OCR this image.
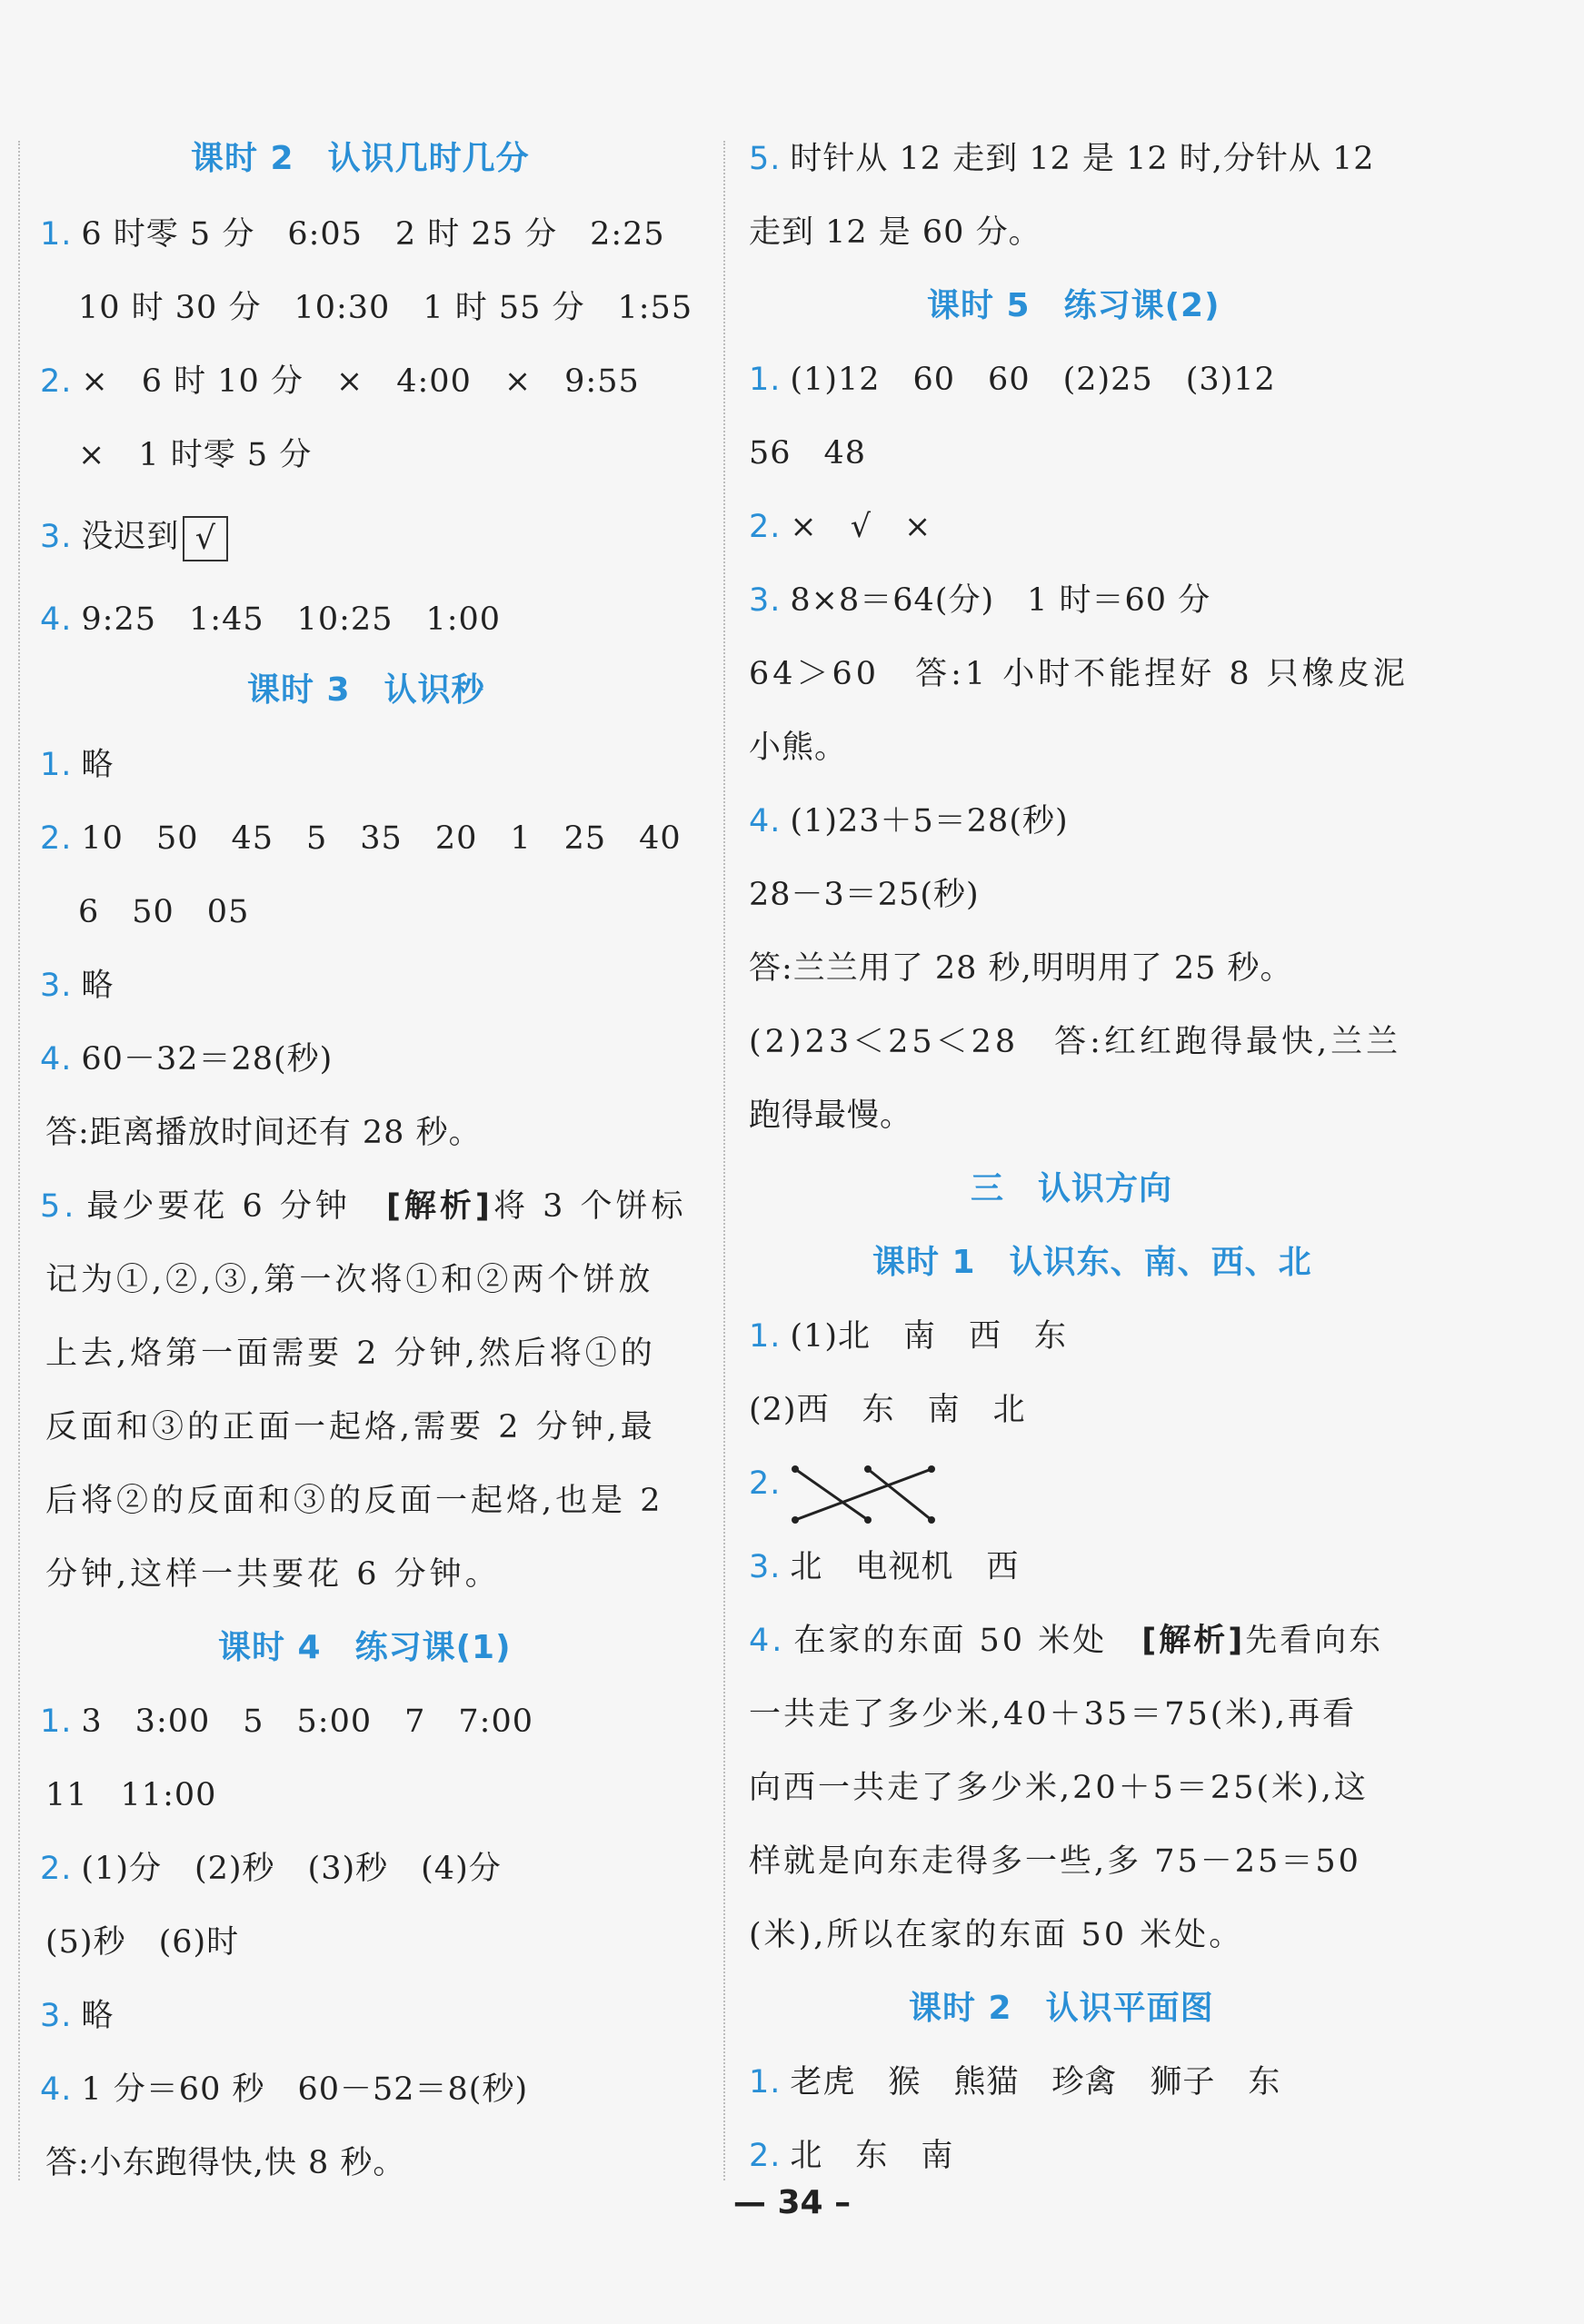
课时 2　认识几时几分
1. 6 时零 5 分　6:05　2 时 25 分　2:25
10 时 30 分　10:30　1 时 55 分　1:55
2. ×　6 时 10 分　×　4:00　×　9:55
×　1 时零 5 分
3. 没迟到 √
4. 9:25　1:45　10:25　1:00
课时 3　认识秒
1. 略
2. 10　50　45　5　35　20　1　25　40
6　50　05
3. 略
4. 60－32＝28(秒)
答:距离播放时间还有 28 秒。
5. 最少要花 6 分钟　[解析]将 3 个饼标
记为①,②,③,第一次将①和②两个饼放
上去,烙第一面需要 2 分钟,然后将①的
反面和③的正面一起烙,需要 2 分钟,最
后将②的反面和③的反面一起烙,也是 2
分钟,这样一共要花 6 分钟。
课时 4　练习课(1)
1. 3　3:00　5　5:00　7　7:00
11　11:00
2. (1)分　(2)秒　(3)秒　(4)分
(5)秒　(6)时
3. 略
4. 1 分＝60 秒　60－52＝8(秒)
答:小东跑得快,快 8 秒。
5. 时针从 12 走到 12 是 12 时,分针从 12
走到 12 是 60 分。
课时 5　练习课(2)
1. (1)12　60　60　(2)25　(3)12
56　48
2. ×　√　×
3. 8×8＝64(分)　1 时＝60 分
64＞60　答:1 小时不能捏好 8 只橡皮泥
小熊。
4. (1)23＋5＝28(秒)
28－3＝25(秒)
答:兰兰用了 28 秒,明明用了 25 秒。
(2)23＜25＜28　答:红红跑得最快,兰兰
跑得最慢。
三　认识方向
课时 1　认识东、南、西、北
1. (1)北　南　西　东
(2)西　东　南　北
2.
3. 北　电视机　西
4. 在家的东面 50 米处　[解析]先看向东
一共走了多少米,40＋35＝75(米),再看
向西一共走了多少米,20＋5＝25(米),这
样就是向东走得多一些,多 75－25＝50
(米),所以在家的东面 50 米处。
课时 2　认识平面图
1. 老虎　猴　熊猫　珍禽　狮子　东
2. 北　东　南
— 34 –
